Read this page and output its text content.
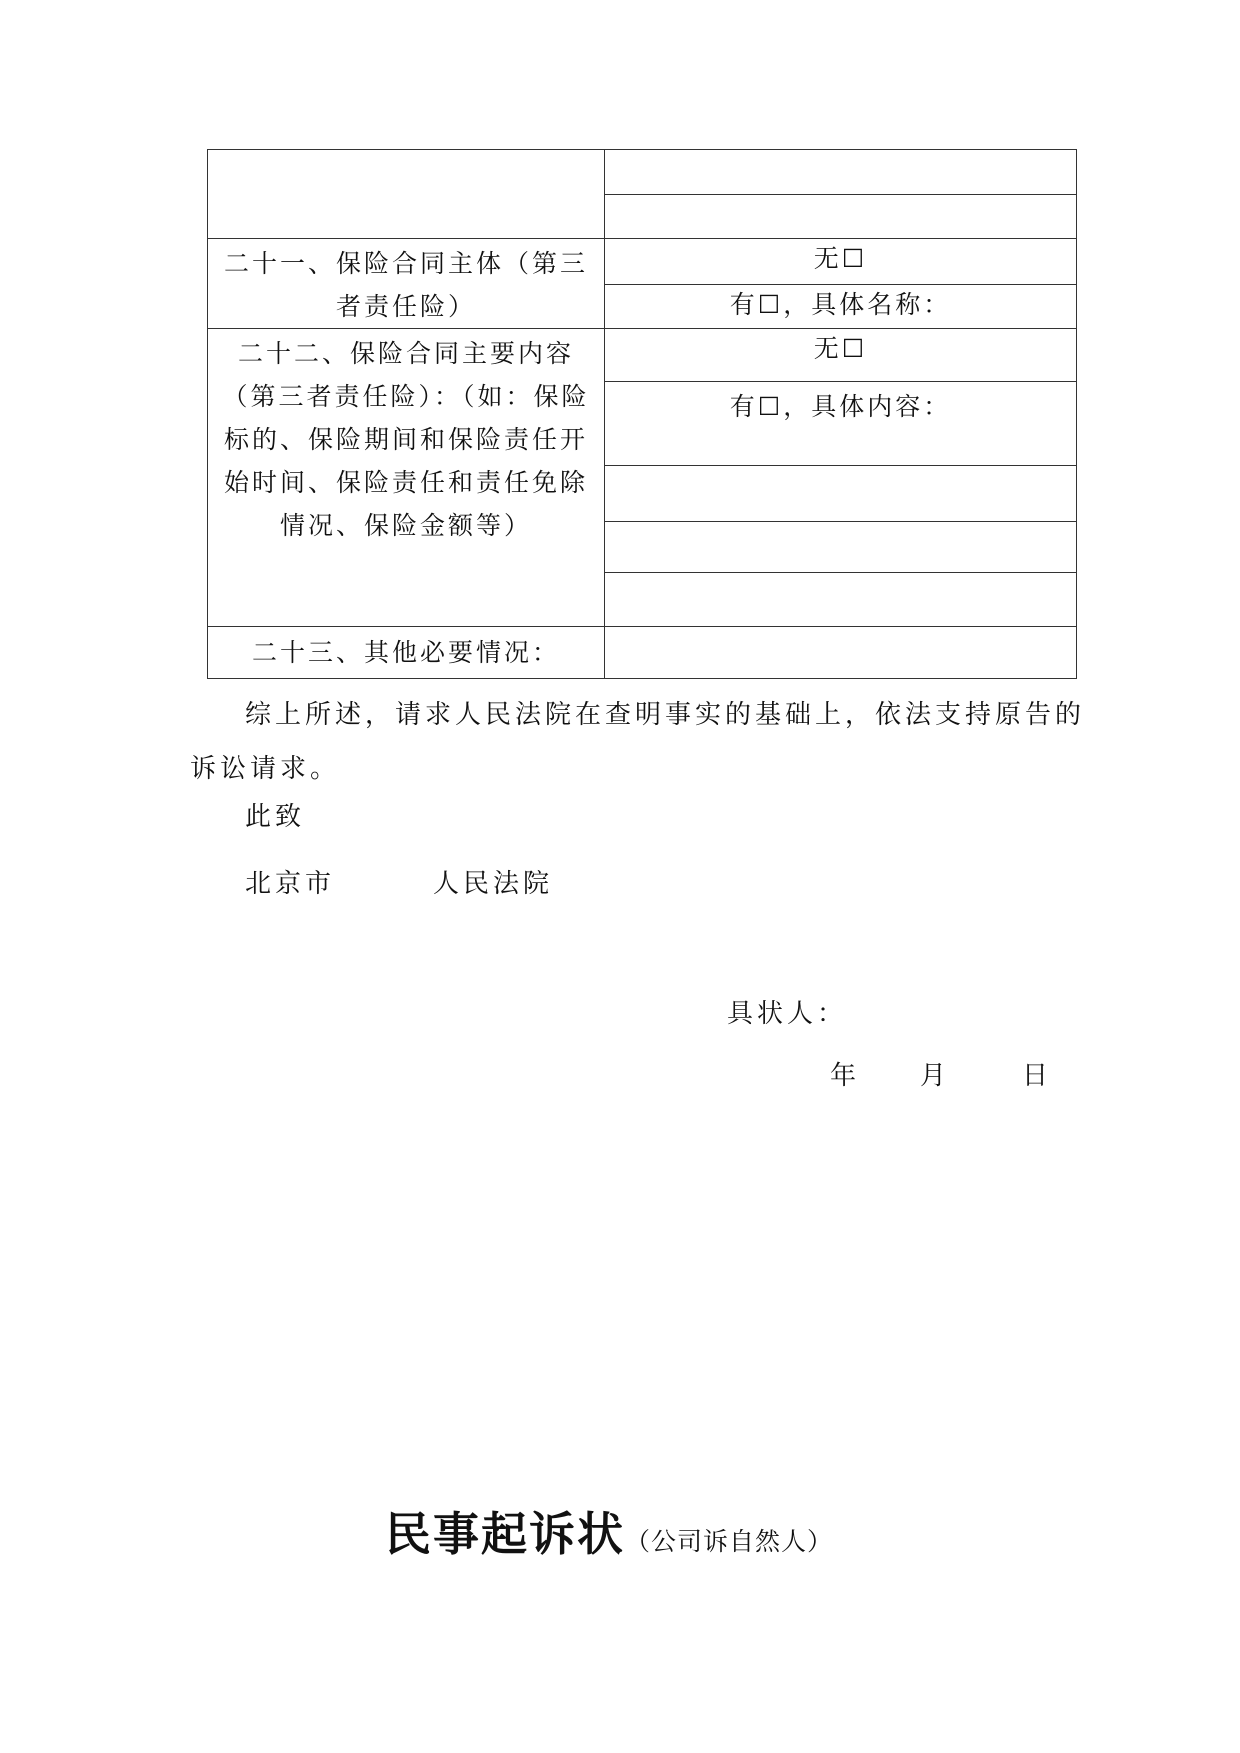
二十一、保险合同主体（第三者责任险）	无☐
	有☐，具体名称：
二十二、保险合同主要内容（第三者责任险）：（如：保险标的、保险期间和保险责任开始时间、保险责任和责任免除情况、保险金额等）	无☐
	有☐，具体内容：

二十三、其他必要情况：	
综上所述，请求人民法院在查明事实的基础上，依法支持原告的
诉讼请求。
此致
北京市	人民法院
具状人：
年 月	日
民事起诉状（公司诉自然人）
